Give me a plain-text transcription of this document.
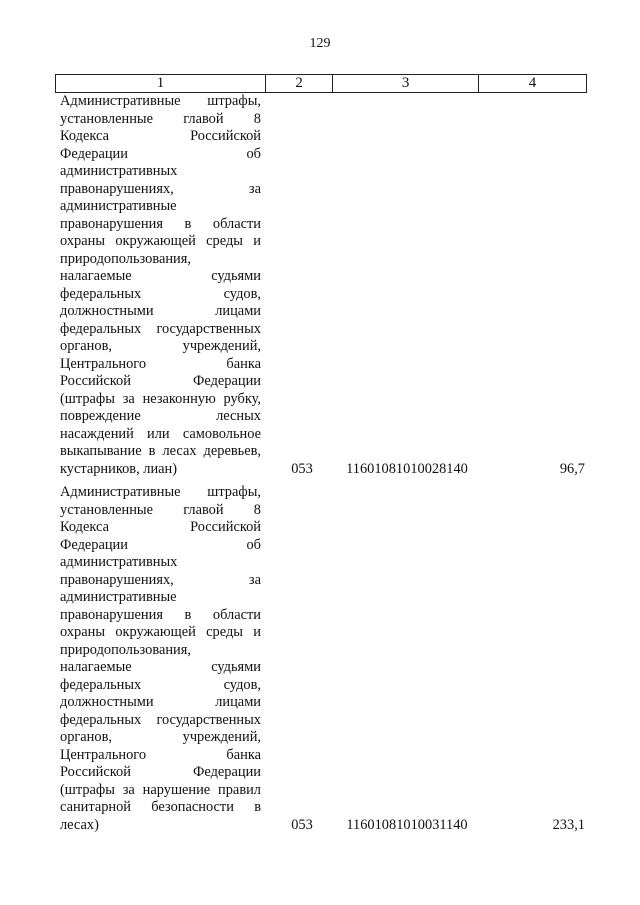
129
1	2	3	4
Административные штрафы,
установленные главой 8
Кодекса Российской
Федерации об
административных
правонарушениях, за
административные
правонарушения в области
охраны окружающей среды и
природопользования,
налагаемые судьями
федеральных судов,
должностными лицами
федеральных государственных
органов, учреждений,
Центрального банка
Российской Федерации
(штрафы за незаконную рубку,
повреждение лесных
насаждений или самовольное
выкапывание в лесах деревьев,
кустарников, лиан)	053	11601081010028140	96,7
Административные штрафы,
установленные главой 8
Кодекса Российской
Федерации об
административных
правонарушениях, за
административные
правонарушения в области
охраны окружающей среды и
природопользования,
налагаемые судьями
федеральных судов,
должностными лицами
федеральных государственных
органов, учреждений,
Центрального банка
Российской Федерации
(штрафы за нарушение правил
санитарной безопасности в
лесах)	053	11601081010031140	233,1
